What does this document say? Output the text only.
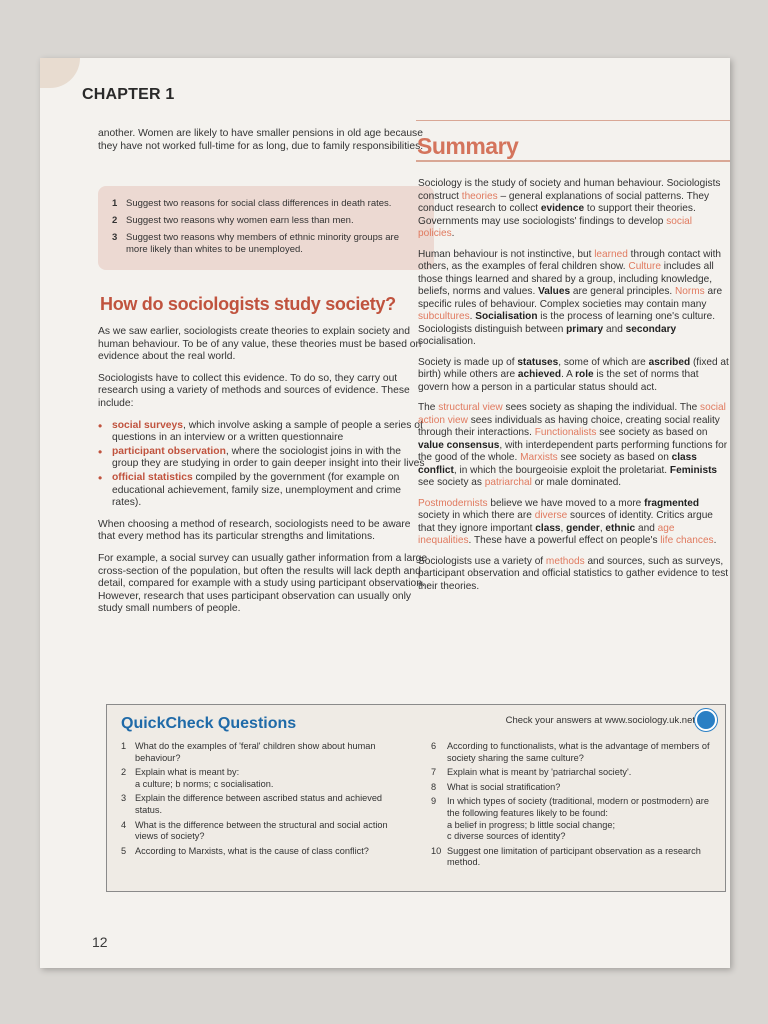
CHAPTER 1

another. Women are likely to have smaller pensions in old age because they have not worked full-time for as long, due to family responsibilities.

1 Suggest two reasons for social class differences in death rates.
2 Suggest two reasons why women earn less than men.
3 Suggest two reasons why members of ethnic minority groups are more likely than whites to be unemployed.
How do sociologists study society?

As we saw earlier, sociologists create theories to explain society and human behaviour. To be of any value, these theories must be based on evidence about the real world.

Sociologists have to collect this evidence. To do so, they carry out research using a variety of methods and sources of evidence. These include:

• social surveys, which involve asking a sample of people a series of questions in an interview or a written questionnaire
• participant observation, where the sociologist joins in with the group they are studying in order to gain deeper insight into their lives
• official statistics compiled by the government (for example on educational achievement, family size, unemployment and crime rates).

When choosing a method of research, sociologists need to be aware that every method has its particular strengths and limitations.

For example, a social survey can usually gather information from a large cross-section of the population, but often the results will lack depth and detail, compared for example with a study using participant observation. However, research that uses participant observation can usually only study small numbers of people.

Summary

Sociology is the study of society and human behaviour. Sociologists construct theories – general explanations of social patterns. They conduct research to collect evidence to support their theories. Governments may use sociologists' findings to develop social policies.

Human behaviour is not instinctive, but learned through contact with others, as the examples of feral children show. Culture includes all those things learned and shared by a group, including knowledge, beliefs, norms and values. Values are general principles. Norms are specific rules of behaviour. Complex societies may contain many subcultures. Socialisation is the process of learning one's culture. Sociologists distinguish between primary and secondary socialisation.

Society is made up of statuses, some of which are ascribed (fixed at birth) while others are achieved. A role is the set of norms that govern how a person in a particular status should act.

The structural view sees society as shaping the individual. The social action view sees individuals as having choice, creating social reality through their interactions. Functionalists see society as based on value consensus, with interdependent parts performing functions for the good of the whole. Marxists see society as based on class conflict, in which the bourgeoisie exploit the proletariat. Feminists see society as patriarchal or male dominated.

Postmodernists believe we have moved to a more fragmented society in which there are diverse sources of identity. Critics argue that they ignore important class, gender, ethnic and age inequalities. These have a powerful effect on people's life chances.

Sociologists use a variety of methods and sources, such as surveys, participant observation and official statistics to gather evidence to test their theories.

QuickCheck Questions	Check your answers at www.sociology.uk.net
1 What do the examples of 'feral' children show about human behaviour?
2 Explain what is meant by:
a culture; b norms; c socialisation.
3 Explain the difference between ascribed status and achieved status.
4 What is the difference between the structural and social action views of society?
5 According to Marxists, what is the cause of class conflict?
6	According to functionalists, what is the advantage of members of society sharing the same culture?
7	Explain what is meant by 'patriarchal society'.
8	What is social stratification?
9	In which types of society (traditional, modern or postmodern) are the following features likely to be found:
a belief in progress; b little social change;
c diverse sources of identity?
10 Suggest one limitation of participant observation as a research method.
12
